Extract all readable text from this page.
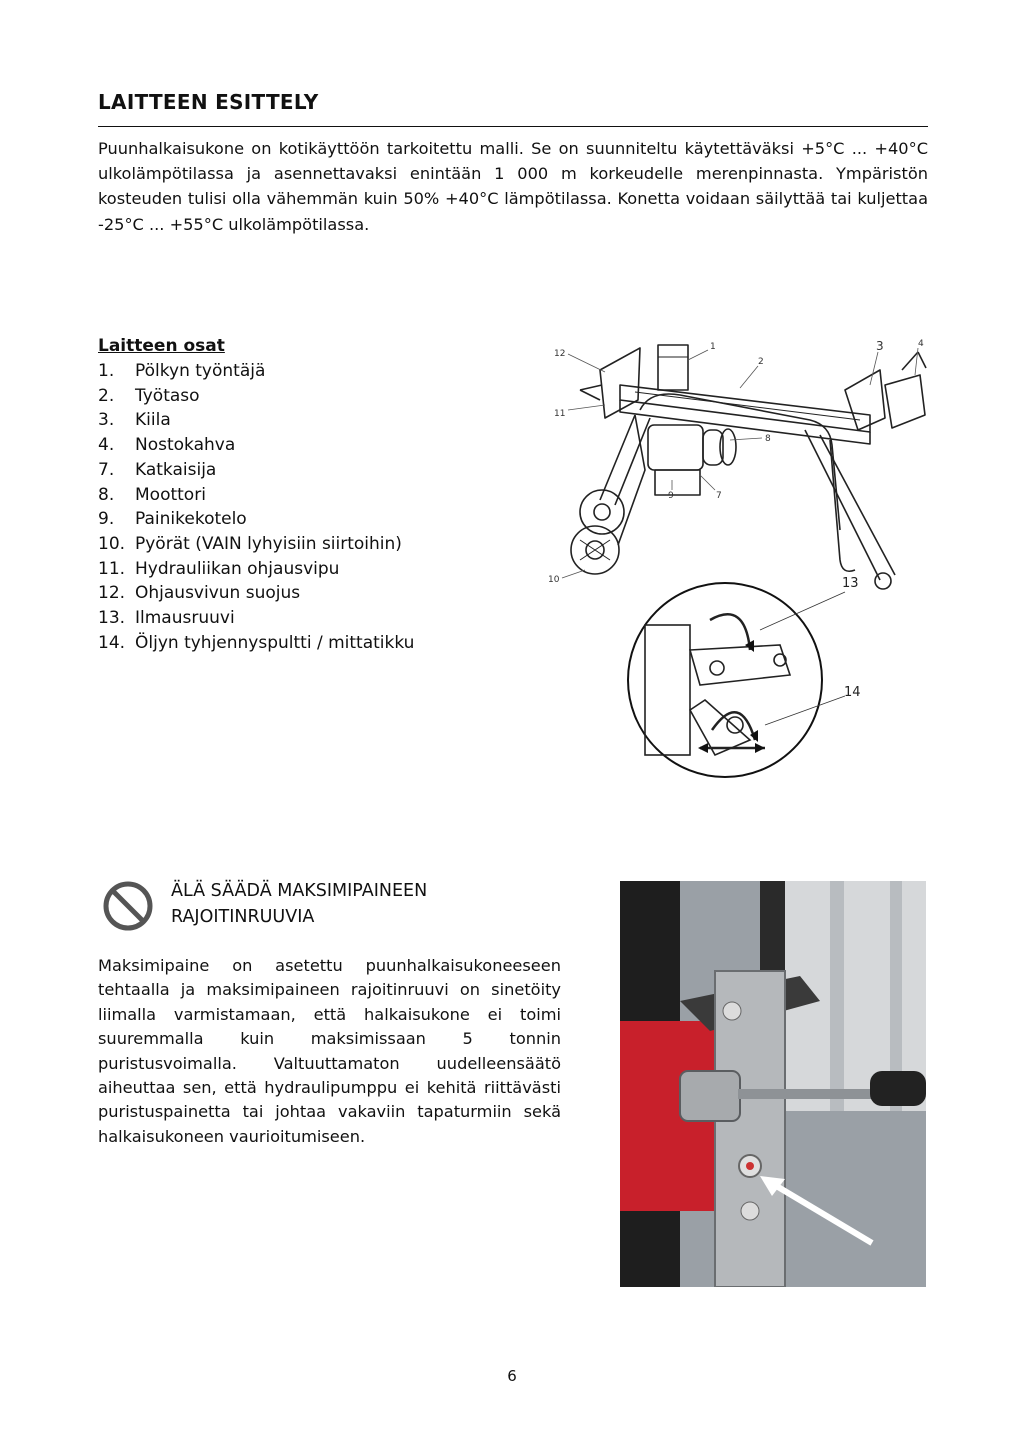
LAITTEEN ESITTELY

Puunhalkaisukone on kotikäyttöön tarkoitettu malli. Se on suunniteltu käytettäväksi +5°C ... +40°C ulkolämpötilassa ja asennettavaksi enintään 1 000 m korkeudelle merenpinnasta. Ympäristön kosteuden tulisi olla vähemmän kuin 50% +40°C lämpötilassa. Konetta voidaan säilyttää tai kuljettaa -25°C ... +55°C ulkolämpötilassa.

Laitteen osat
1.	Pölkyn työntäjä
2.	Työtaso
3.	Kiila
4.	Nostokahva
7.	Katkaisija
8.	Moottori
9.	Painikekotelo
10. Pyörät (VAIN lyhyisiin siirtoihin)
11. Hydrauliikan ohjausvipu
12. Ohjausvivun suojus
13. Ilmausruuvi
14. Öljyn tyhjennyspultti / mittatikku
12
11
1
2
3	4
8
9	7
10	13
14
ÄLÄ SÄÄDÄ MAKSIMIPAINEEN
RAJOITINRUUVIA

Maksimipaine on asetettu puunhalkaisukoneeseen tehtaalla ja maksimipaineen rajoitinruuvi on sinetöity liimalla varmistamaan, että halkaisukone ei toimi suuremmalla kuin maksimissaan 5 tonnin puristusvoimalla. Valtuuttamaton uudelleensäätö aiheuttaa sen, että hydraulipumppu ei kehitä riittävästi puristuspainetta tai johtaa vakaviin tapaturmiin sekä halkaisukoneen vaurioitumiseen.

6
